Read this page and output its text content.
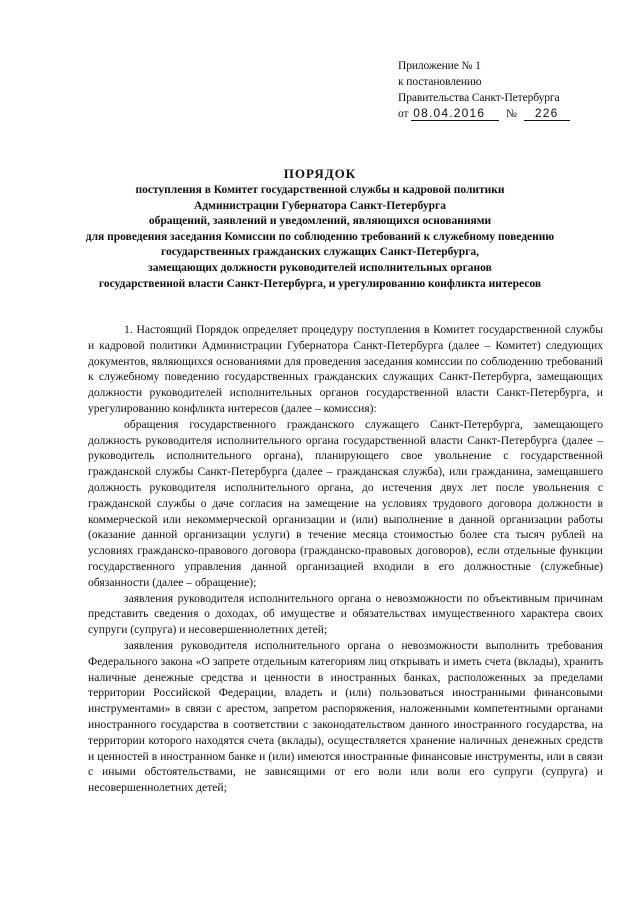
Приложение № 1
к постановлению
Правительства Санкт-Петербурга
от 08.04.2016 № 226
ПОРЯДОК
поступления в Комитет государственной службы и кадровой политики
Администрации Губернатора Санкт-Петербурга
обращений, заявлений и уведомлений, являющихся основаниями
для проведения заседания Комиссии по соблюдению требований к служебному поведению
государственных гражданских служащих Санкт-Петербурга,
замещающих должности руководителей исполнительных органов
государственной власти Санкт-Петербурга, и урегулированию конфликта интересов

1. Настоящий Порядок определяет процедуру поступления в Комитет государственной службы и кадровой политики Администрации Губернатора Санкт-Петербурга (далее – Комитет) следующих документов, являющихся основаниями для проведения заседания комиссии по соблюдению требований к служебному поведению государственных гражданских служащих Санкт-Петербурга, замещающих должности руководителей исполнительных органов государственной власти Санкт-Петербурга, и урегулированию конфликта интересов (далее – комиссия):

обращения государственного гражданского служащего Санкт-Петербурга, замещающего должность руководителя исполнительного органа государственной власти Санкт-Петербурга (далее – руководитель исполнительного органа), планирующего свое увольнение с государственной гражданской службы Санкт-Петербурга (далее – гражданская служба), или гражданина, замещавшего должность руководителя исполнительного органа, до истечения двух лет после увольнения с гражданской службы о даче согласия на замещение на условиях трудового договора должности в коммерческой или некоммерческой организации и (или) выполнение в данной организации работы (оказание данной организации услуги) в течение месяца стоимостью более ста тысяч рублей на условиях гражданско-правового договора (гражданско-правовых договоров), если отдельные функции государственного управления данной организацией входили в его должностные (служебные) обязанности (далее – обращение);

заявления руководителя исполнительного органа о невозможности по объективным причинам представить сведения о доходах, об имуществе и обязательствах имущественного характера своих супруги (супруга) и несовершеннолетних детей;

заявления руководителя исполнительного органа о невозможности выполнить требования Федерального закона «О запрете отдельным категориям лиц открывать и иметь счета (вклады), хранить наличные денежные средства и ценности в иностранных банках, расположенных за пределами территории Российской Федерации, владеть и (или) пользоваться иностранными финансовыми инструментами» в связи с арестом, запретом распоряжения, наложенными компетентными органами иностранного государства в соответствии с законодательством данного иностранного государства, на территории которого находятся счета (вклады), осуществляется хранение наличных денежных средств и ценностей в иностранном банке и (или) имеются иностранные финансовые инструменты, или в связи с иными обстоятельствами, не зависящими от его воли или воли его супруги (супруга) и несовершеннолетних детей;
